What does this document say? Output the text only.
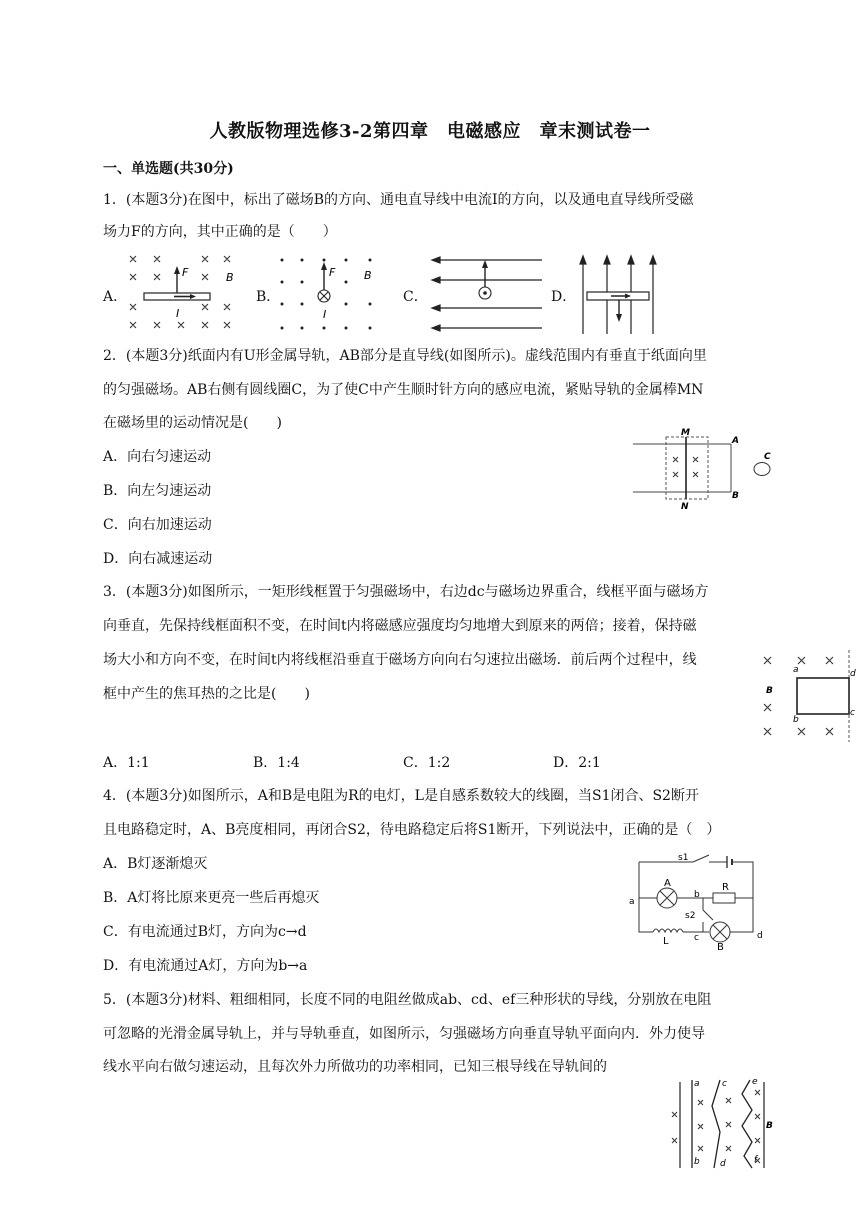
人教版物理选修3-2第四章　电磁感应　章末测试卷一
一、单选题(共30分)
1．(本题3分)在图中，标出了磁场B的方向、通电直导线中电流I的方向，以及通电直导线所受磁
场力F的方向，其中正确的是（　　）
A．
F	B
I
B．
F	B
I
C．	D．
2．(本题3分)纸面内有U形金属导轨，AB部分是直导线(如图所示)。虚线范围内有垂直于纸面向里
的匀强磁场。AB右侧有圆线圈C，为了使C中产生顺时针方向的感应电流，紧贴导轨的金属棒MN
在磁场里的运动情况是(　　)
A．向右匀速运动
B．向左匀速运动
C．向右加速运动
D．向右减速运动
M
N
A
B
C
3．(本题3分)如图所示，一矩形线框置于匀强磁场中，右边dc与磁场边界重合，线框平面与磁场方
向垂直，先保持线框面积不变，在时间t内将磁感应强度均匀地增大到原来的两倍；接着，保持磁
场大小和方向不变，在时间t内将线框沿垂直于磁场方向向右匀速拉出磁场．前后两个过程中，线
框中产生的焦耳热的之比是(　　)	B
a	d
b
c
A．1:1	B．1:4	C．1:2	D．2:1
4．(本题3分)如图所示，A和B是电阻为R的电灯，L是自感系数较大的线圈，当S1闭合、S2断开
且电路稳定时，A、B亮度相同，再闭合S2，待电路稳定后将S1断开，下列说法中，正确的是（　）
A．B灯逐渐熄灭
B．A灯将比原来更亮一些后再熄灭
C．有电流通过B灯，方向为c→d
D．有电流通过A灯，方向为b→a
s1
A	R
s2
L
B
a
b
c	d
5．(本题3分)材料、粗细相同，长度不同的电阻丝做成ab、cd、ef三种形状的导线，分别放在电阻
可忽略的光滑金属导轨上，并与导轨垂直，如图所示，匀强磁场方向垂直导轨平面向内．外力使导
线水平向右做匀速运动，且每次外力所做功的功率相同，已知三根导线在导轨间的
a
b
c
d
e
f
B
